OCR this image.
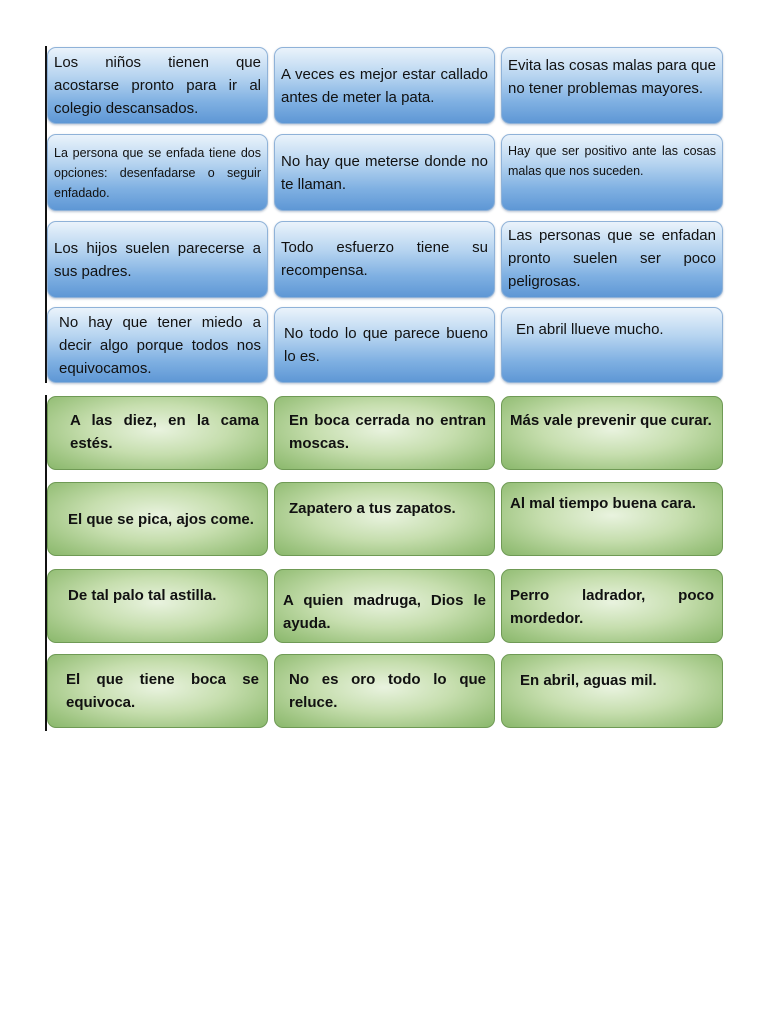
Los niños tienen que acostarse pronto para ir al colegio descansados.
A veces es mejor estar callado antes de meter la pata.
Evita las cosas malas para que no tener problemas mayores.
La persona que se enfada tiene dos opciones: desenfadarse o seguir enfadado.
No hay que meterse donde no te llaman.
Hay que ser positivo ante las cosas malas que nos suceden.
Los hijos suelen parecerse a sus padres.
Todo esfuerzo tiene su recompensa.
Las personas que se enfadan pronto suelen ser poco peligrosas.
No hay que tener miedo a decir algo porque todos nos equivocamos.
No todo lo que parece bueno lo es.
En abril llueve mucho.
A las diez, en la cama estés.
En boca cerrada no entran moscas.
Más vale prevenir que curar.
El que se pica, ajos come.
Zapatero a tus zapatos.	Al mal tiempo buena cara.
De tal palo tal astilla.	A quien madruga, Dios le ayuda.
Perro ladrador, poco mordedor.
El que tiene boca se equivoca.
No es oro todo lo que reluce.
En abril, aguas mil.
